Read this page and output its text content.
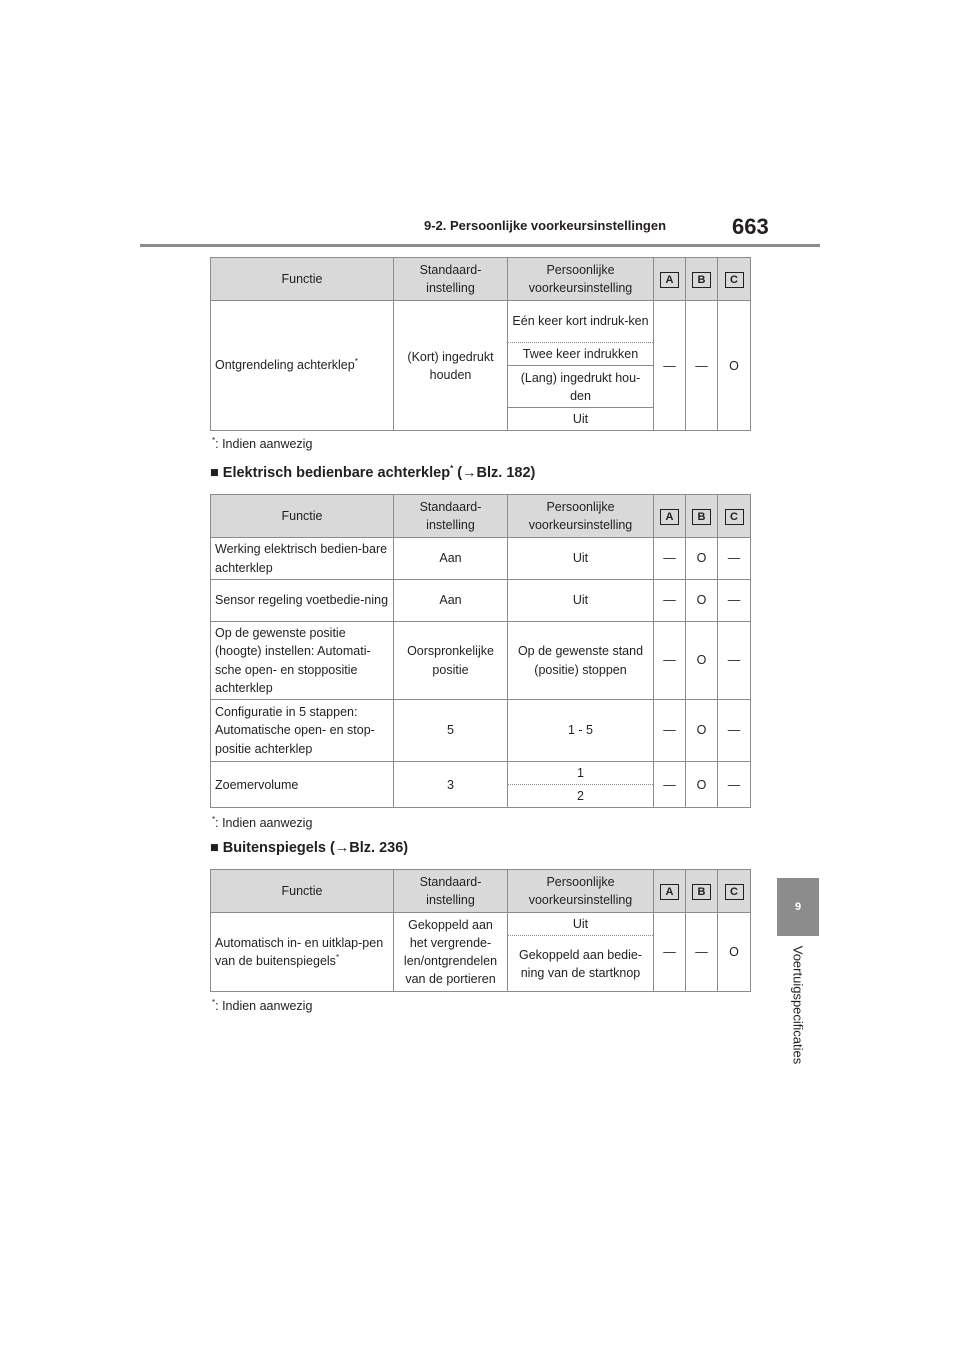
9-2. Persoonlijke voorkeursinstellingen	663
9
Voertuigspecificaties
Functie	Standaard-instelling	Persoonlijke voorkeursinstelling	A	B	C
Ontgrendeling achterklep*	(Kort) ingedrukt houden	Eén keer kort indruk-ken	—	—	O
		Twee keer indrukken			
		(Lang) ingedrukt hou-den			
		Uit			
*: Indien aanwezig
■ Elektrisch bedienbare achterklep* (→Blz. 182)
Functie	Standaard-instelling	Persoonlijke voorkeursinstelling	A	B	C
Werking elektrisch bedien-bare achterklep	Aan	Uit	—	O	—
Sensor regeling voetbedie-ning	Aan	Uit	—	O	—
Op de gewenste positie (hoogte) instellen: Automati-sche open- en stoppositie achterklep	Oorspronkelijke positie	Op de gewenste stand (positie) stoppen	—	O	—
Configuratie in 5 stappen: Automatische open- en stop-positie achterklep	5	1 - 5	—	O	—
Zoemervolume	3	1	—	O	—
		2			
*: Indien aanwezig
■ Buitenspiegels (→Blz. 236)
Functie	Standaard-instelling	Persoonlijke voorkeursinstelling	A	B	C
Automatisch in- en uitklap-pen van de buitenspiegels*	Gekoppeld aan het vergrende-len/ontgrendelen van de portieren	Uit	—	—	O
		Gekoppeld aan bedie-ning van de startknop			
*: Indien aanwezig
